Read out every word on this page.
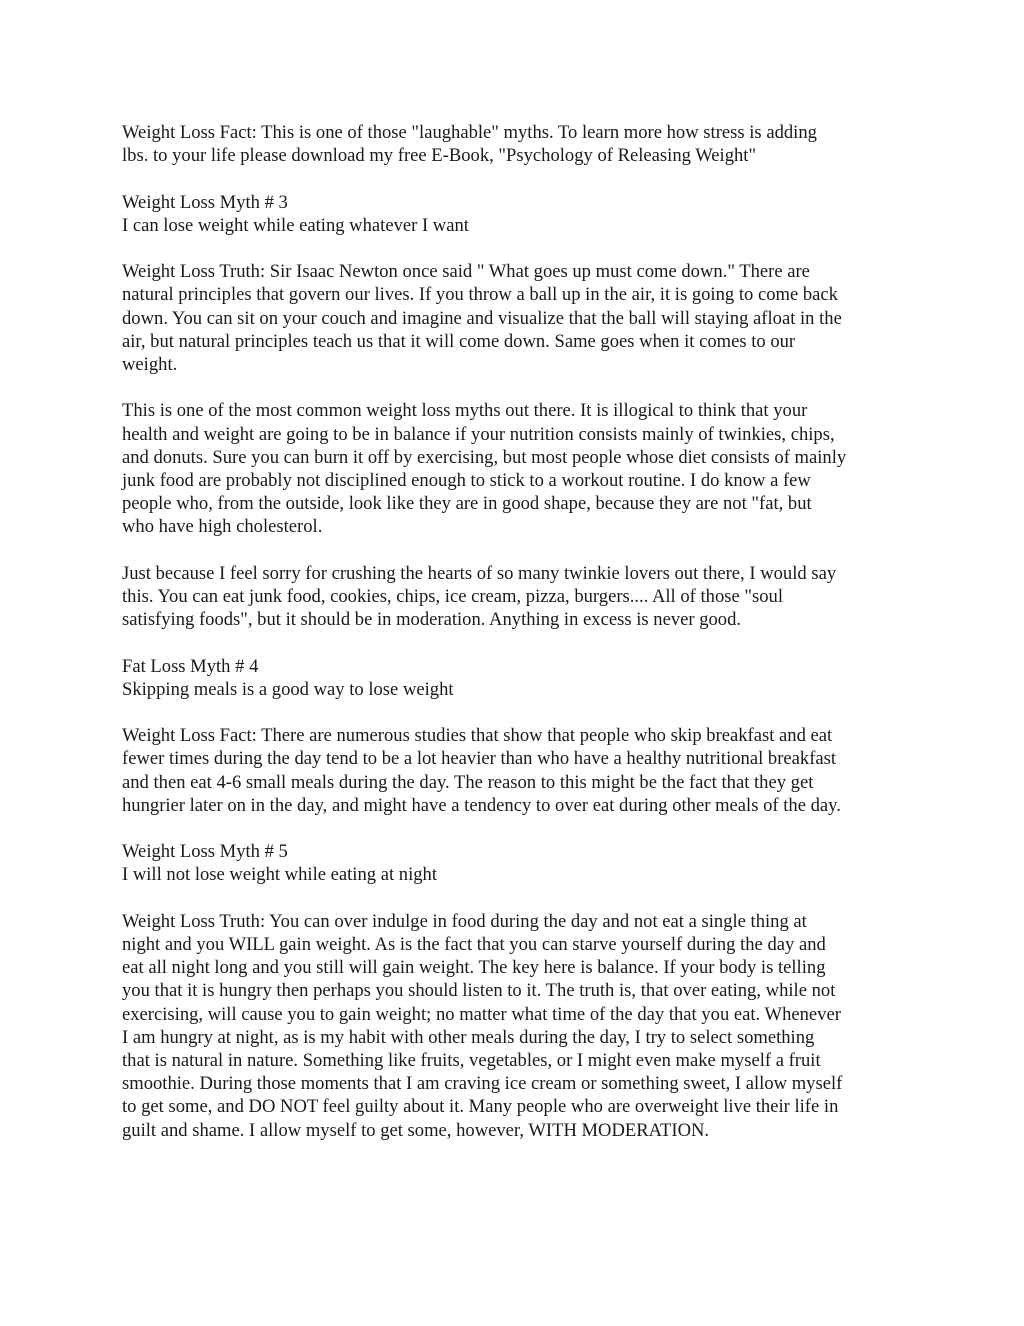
Weight Loss Fact: This is one of those "laughable" myths. To learn more how stress is adding
lbs. to your life please download my free E-Book, "Psychology of Releasing Weight"

Weight Loss Myth # 3
I can lose weight while eating whatever I want

Weight Loss Truth: Sir Isaac Newton once said " What goes up must come down." There are
natural principles that govern our lives. If you throw a ball up in the air, it is going to come back
down. You can sit on your couch and imagine and visualize that the ball will staying afloat in the
air, but natural principles teach us that it will come down. Same goes when it comes to our
weight.

This is one of the most common weight loss myths out there. It is illogical to think that your
health and weight are going to be in balance if your nutrition consists mainly of twinkies, chips,
and donuts. Sure you can burn it off by exercising, but most people whose diet consists of mainly
junk food are probably not disciplined enough to stick to a workout routine. I do know a few
people who, from the outside, look like they are in good shape, because they are not "fat, but
who have high cholesterol.

Just because I feel sorry for crushing the hearts of so many twinkie lovers out there, I would say
this. You can eat junk food, cookies, chips, ice cream, pizza, burgers.... All of those "soul
satisfying foods", but it should be in moderation. Anything in excess is never good.

Fat Loss Myth # 4
Skipping meals is a good way to lose weight

Weight Loss Fact: There are numerous studies that show that people who skip breakfast and eat
fewer times during the day tend to be a lot heavier than who have a healthy nutritional breakfast
and then eat 4-6 small meals during the day. The reason to this might be the fact that they get
hungrier later on in the day, and might have a tendency to over eat during other meals of the day.

Weight Loss Myth # 5
I will not lose weight while eating at night

Weight Loss Truth: You can over indulge in food during the day and not eat a single thing at
night and you WILL gain weight. As is the fact that you can starve yourself during the day and
eat all night long and you still will gain weight. The key here is balance. If your body is telling
you that it is hungry then perhaps you should listen to it. The truth is, that over eating, while not
exercising, will cause you to gain weight; no matter what time of the day that you eat. Whenever
I am hungry at night, as is my habit with other meals during the day, I try to select something
that is natural in nature. Something like fruits, vegetables, or I might even make myself a fruit
smoothie. During those moments that I am craving ice cream or something sweet, I allow myself
to get some, and DO NOT feel guilty about it. Many people who are overweight live their life in
guilt and shame. I allow myself to get some, however, WITH MODERATION.
